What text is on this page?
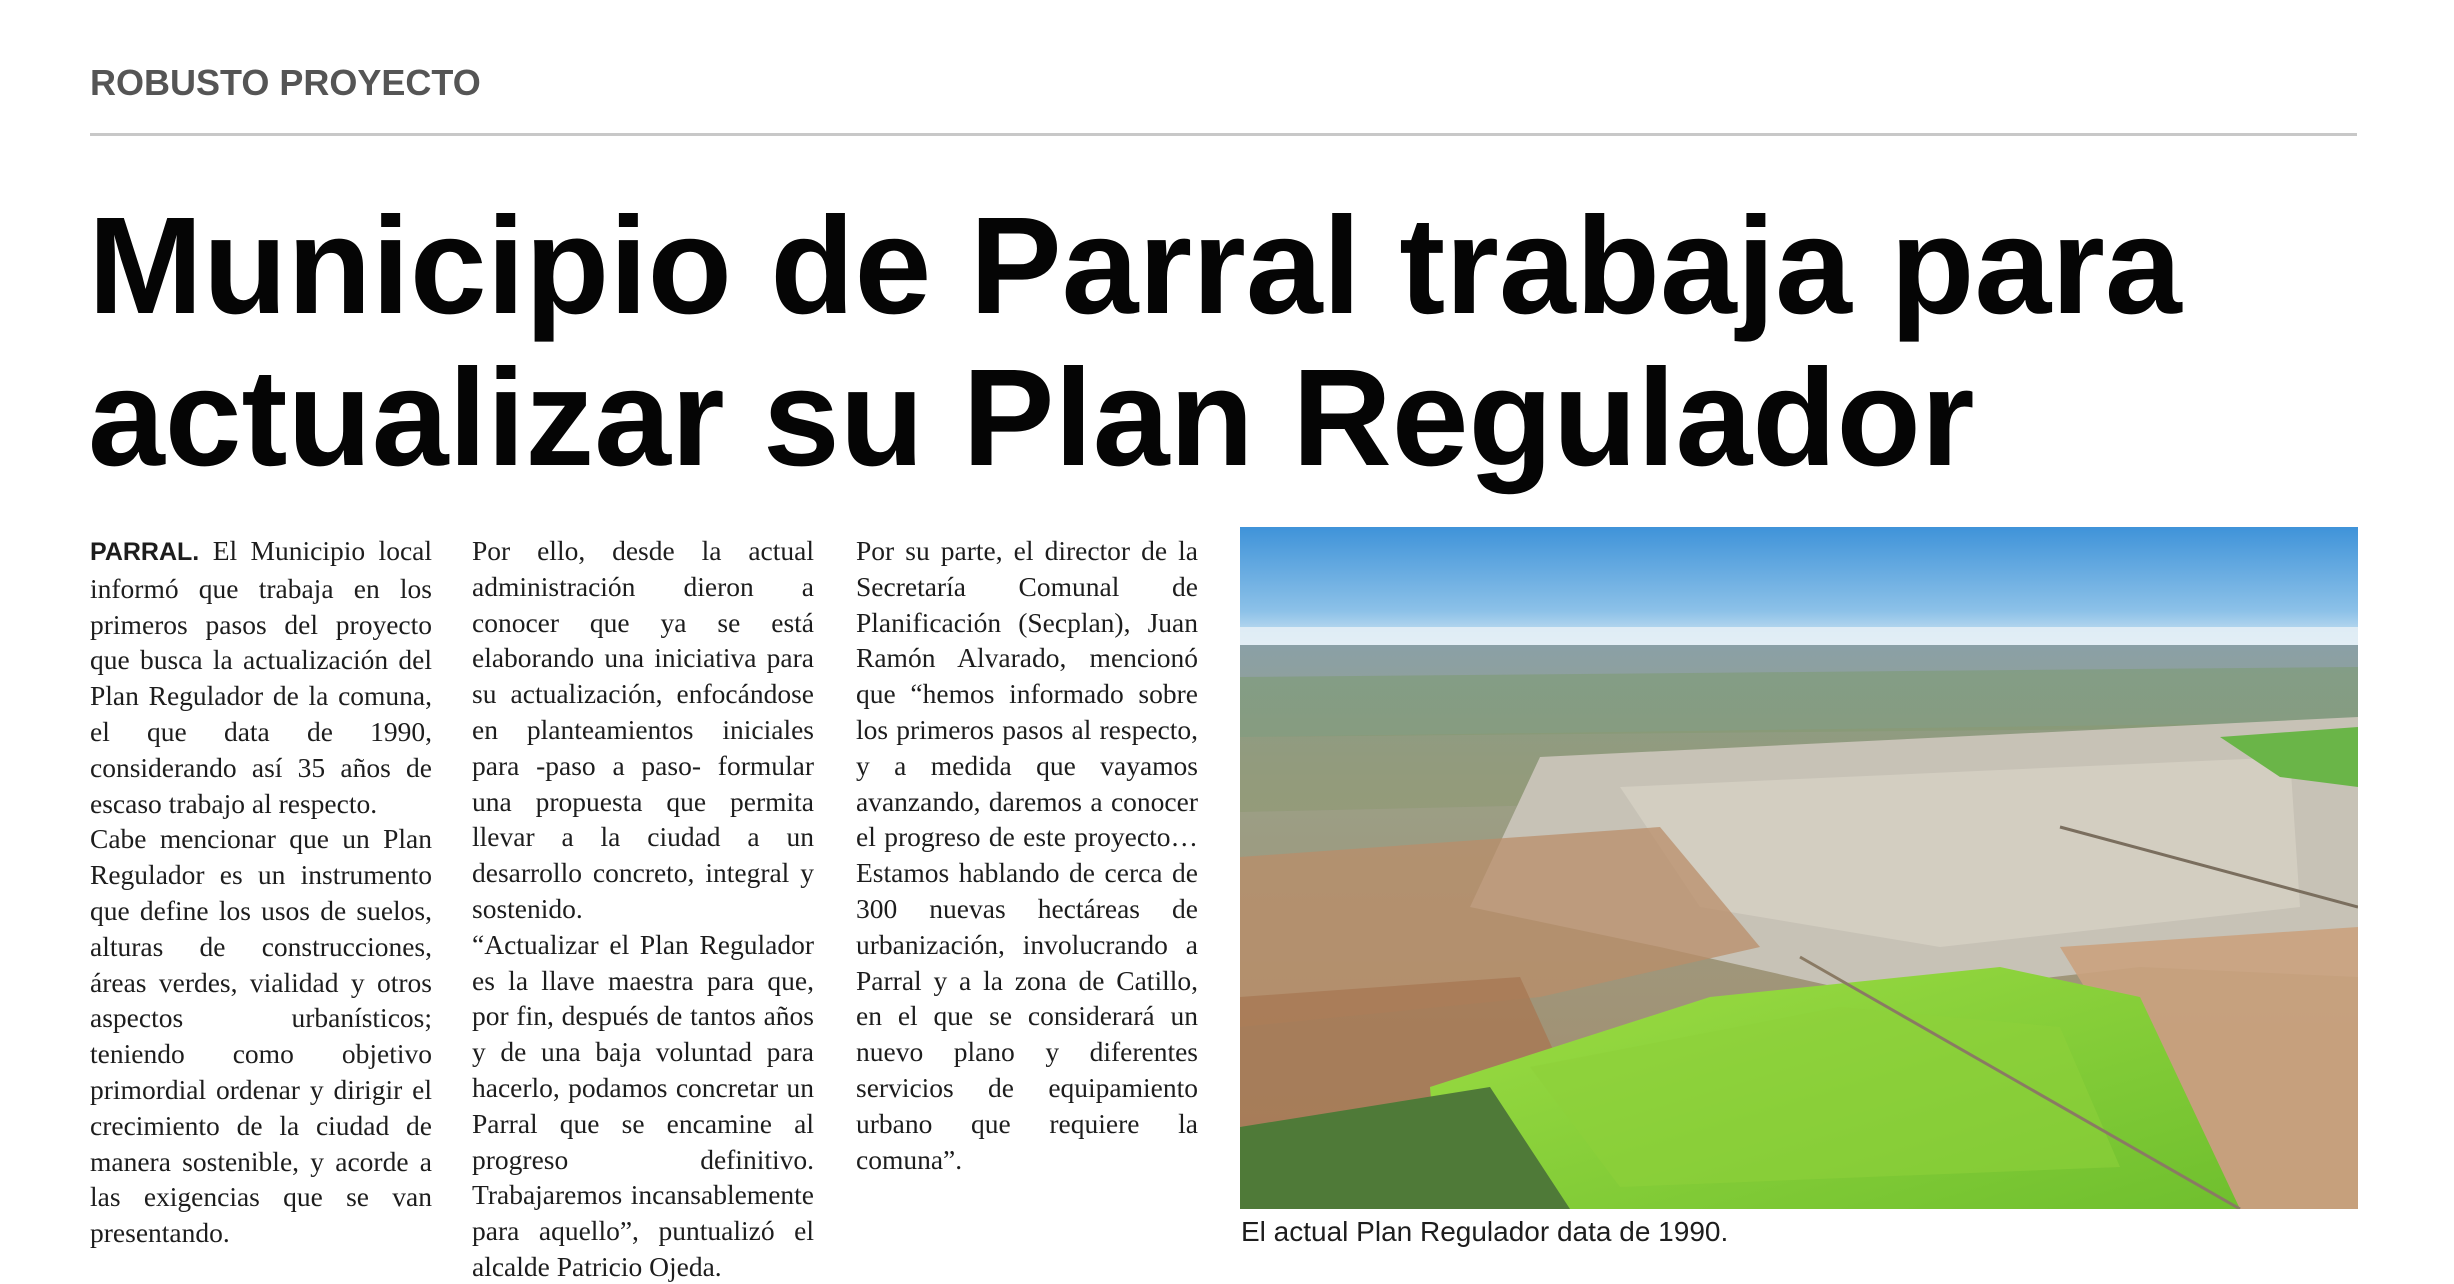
ROBUSTO PROYECTO
Municipio de Parral trabaja para
actualizar su Plan Regulador

PARRAL. El Municipio local informó que trabaja en los primeros pasos del proyecto que busca la actualización del Plan Regulador de la comuna, el que data de 1990, considerando así 35 años de escaso trabajo al respecto.

Cabe mencionar que un Plan Regulador es un instrumento que define los usos de suelos, alturas de construcciones, áreas verdes, vialidad y otros aspectos urbanísticos; teniendo como objetivo primordial ordenar y dirigir el crecimiento de la ciudad de manera sostenible, y acorde a las exigencias que se van presentando.

Por ello, desde la actual administración dieron a conocer que ya se está elaborando una iniciativa para su actualización, enfocándose en planteamientos iniciales para -paso a paso- formular una propuesta que permita llevar a la ciudad a un desarrollo concreto, integral y sostenido.

“Actualizar el Plan Regulador es la llave maestra para que, por fin, después de tantos años y de una baja voluntad para hacerlo, podamos concretar un Parral que se encamine al progreso definitivo. Trabajaremos incansablemente para aquello”, puntualizó el alcalde Patricio Ojeda.

Por su parte, el director de la Secretaría Comunal de Planificación (Secplan), Juan Ramón Alvarado, mencionó que “hemos informado sobre los primeros pasos al respecto, y a medida que vayamos avanzando, daremos a conocer el progreso de este proyecto… Estamos hablando de cerca de 300 nuevas hectáreas de urbanización, involucrando a Parral y a la zona de Catillo, en el que se considerará un nuevo plano y diferentes servicios de equipamiento urbano que requiere la comuna”.

El actual Plan Regulador data de 1990.
